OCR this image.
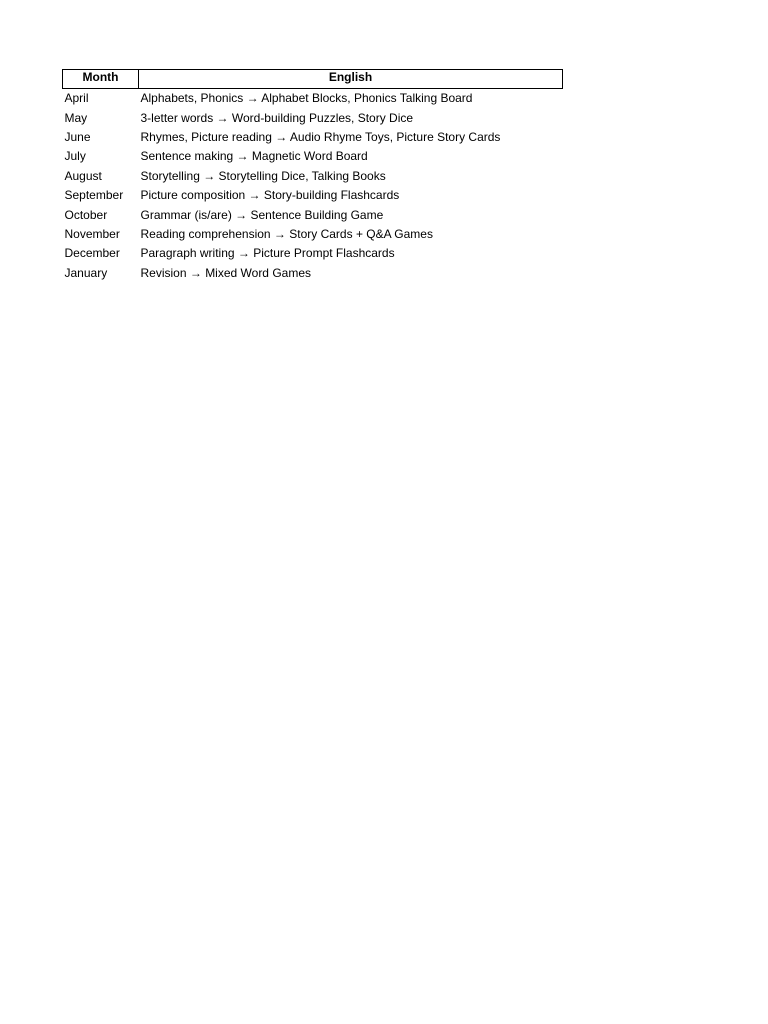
Month	English
April	Alphabets, Phonics → Alphabet Blocks, Phonics Talking Board
May	3-letter words → Word-building Puzzles, Story Dice
June	Rhymes, Picture reading → Audio Rhyme Toys, Picture Story Cards
July	Sentence making → Magnetic Word Board
August	Storytelling → Storytelling Dice, Talking Books
September	Picture composition → Story-building Flashcards
October	Grammar (is/are) → Sentence Building Game
November	Reading comprehension → Story Cards + Q&A Games
December	Paragraph writing → Picture Prompt Flashcards
January	Revision → Mixed Word Games
